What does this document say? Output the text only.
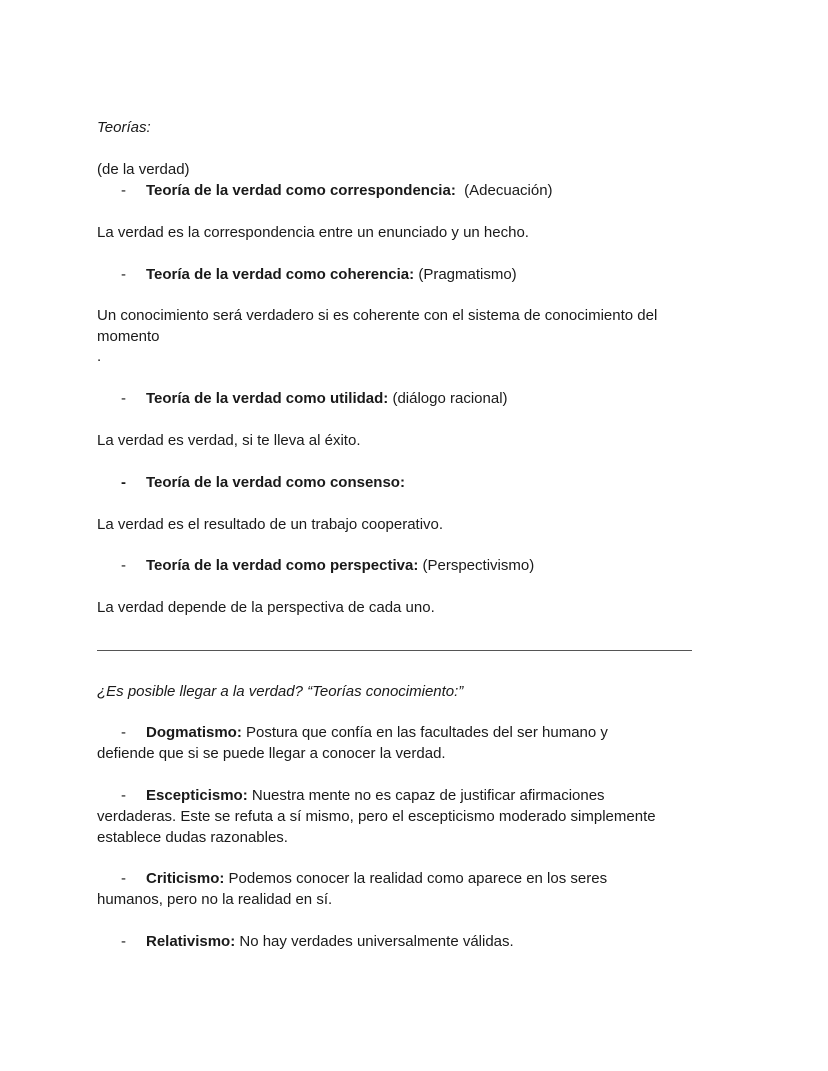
Teorías:
(de la verdad)
- Teoría de la verdad como correspondencia: (Adecuación)
La verdad es la correspondencia entre un enunciado y un hecho.
- Teoría de la verdad como coherencia: (Pragmatismo)
Un conocimiento será verdadero si es coherente con el sistema de conocimiento del
momento
.
- Teoría de la verdad como utilidad: (diálogo racional)
La verdad es verdad, si te lleva al éxito.
- Teoría de la verdad como consenso:
La verdad es el resultado de un trabajo cooperativo.
- Teoría de la verdad como perspectiva: (Perspectivismo)
La verdad depende de la perspectiva de cada uno.
¿Es posible llegar a la verdad? “Teorías conocimiento:”
- Dogmatismo: Postura que confía en las facultades del ser humano y
defiende que si se puede llegar a conocer la verdad.
- Escepticismo: Nuestra mente no es capaz de justificar afirmaciones
verdaderas. Este se refuta a sí mismo, pero el escepticismo moderado simplemente
establece dudas razonables.
- Criticismo: Podemos conocer la realidad como aparece en los seres
humanos, pero no la realidad en sí.
- Relativismo: No hay verdades universalmente válidas.
